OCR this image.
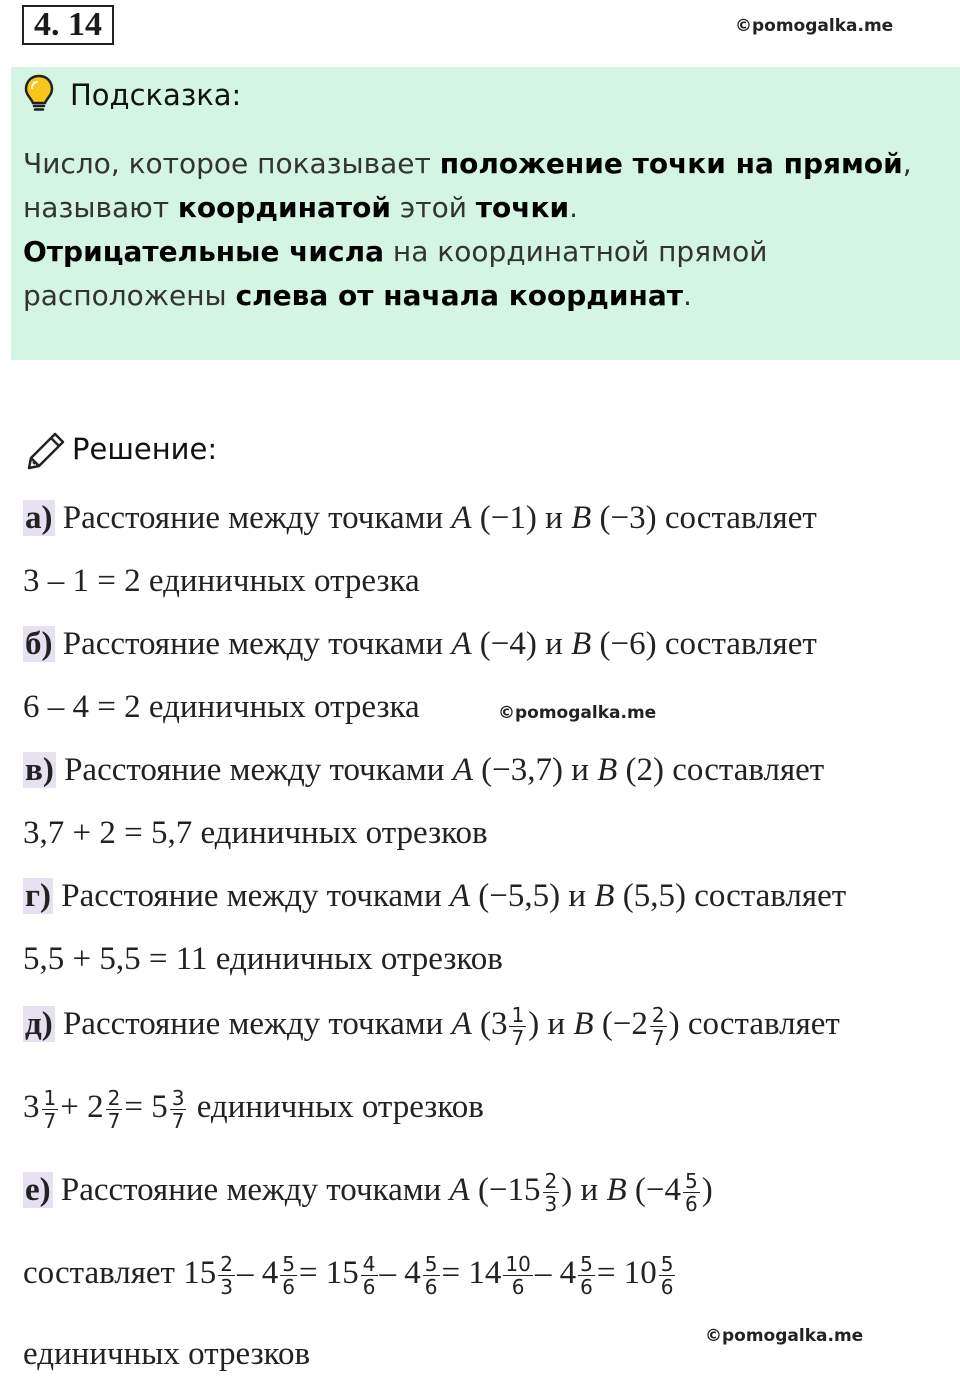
4. 14	©pomogalka.me
Подсказка:
Число, которое показывает положение точки на прямой,
называют координатой этой точки.
Отрицательные числа на координатной прямой
расположены слева от начала координат.
Решение:
а) Расстояние между точками A (−1) и B (−3) составляет
3 – 1 = 2 единичных отрезка
б) Расстояние между точками A (−4) и B (−6) составляет
6 – 4 = 2 единичных отрезка	©pomogalka.me
в) Расстояние между точками A (−3,7) и B (2) составляет
3,7 + 2 = 5,7 единичных отрезков
г) Расстояние между точками A (−5,5) и B (5,5) составляет
5,5 + 5,5 = 11 единичных отрезков
д) Расстояние между точками A ($3 \frac{1}{7}$ ) и B ($-2 \frac{2}{7}$ ) составляет
$3 \frac{1}{7} + 2 \frac{2}{7} = 5 \frac{3}{7}$ единичных отрезков
е) Расстояние между точками A ($-15 \frac{2}{3}$ ) и B ($-4 \frac{5}{6}$ )
составляет $15 \frac{2}{3} - 4 \frac{5}{6} = 15 \frac{4}{6} - 4 \frac{5}{6} = 14 \frac{10}{6} - 4 \frac{5}{6} = 10 \frac{5}{6}$
©pomogalka.me
единичных отрезков
